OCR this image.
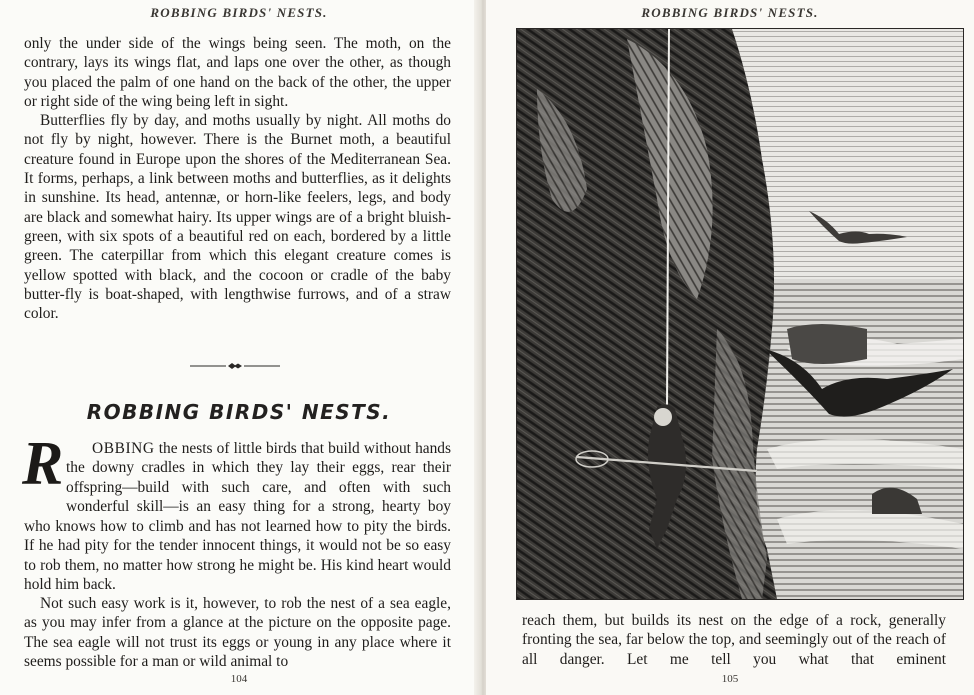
ROBBING BIRDS' NESTS.

only the under side of the wings being seen. The moth, on the contrary, lays its wings flat, and laps one over the other, as though you placed the palm of one hand on the back of the other, the upper or right side of the wing being left in sight.

Butterflies fly by day, and moths usually by night. All moths do not fly by night, however. There is the Burnet moth, a beautiful creature found in Europe upon the shores of the Mediterranean Sea. It forms, perhaps, a link between moths and butterflies, as it delights in sunshine. Its head, antennæ, or horn-like feelers, legs, and body are black and somewhat hairy. Its upper wings are of a bright bluish-green, with six spots of a beautiful red on each, bordered by a little green. The caterpillar from which this elegant creature comes is yellow spotted with black, and the cocoon or cradle of the baby butter-fly is boat-shaped, with lengthwise furrows, and of a straw color.

ROBBING BIRDS' NESTS.
R OBBING the nests of little birds that build without hands
the downy cradles in which they lay their eggs, rear their
offspring—build with such care, and often with such
wonderful skill—is an easy thing for a strong, hearty boy

who knows how to climb and has not learned how to pity the birds. If he had pity for the tender innocent things, it would not be so easy to rob them, no matter how strong he might be. His kind heart would hold him back.

Not such easy work is it, however, to rob the nest of a sea eagle, as you may infer from a glance at the picture on the opposite page. The sea eagle will not trust its eggs or young in any place where it seems possible for a man or wild animal to

104
ROBBING BIRDS' NESTS.

reach them, but builds its nest on the edge of a rock, generally fronting the sea, far below the top, and seemingly out of the reach of all danger. Let me tell you what that eminent

105
